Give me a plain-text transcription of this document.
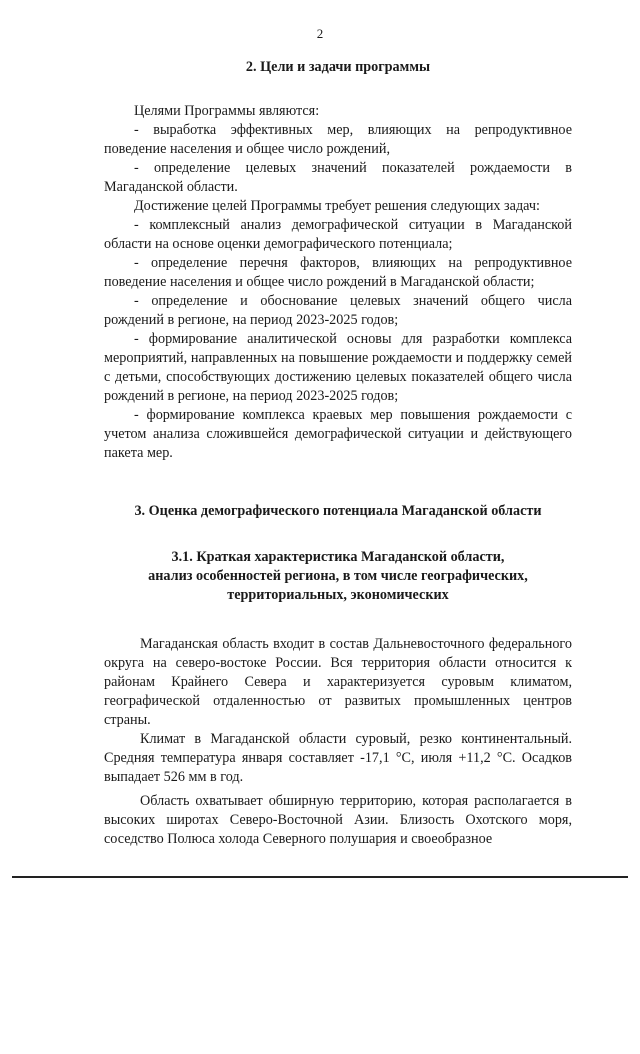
2
2. Цели и задачи программы

Целями Программы являются:

- выработка эффективных мер, влияющих на репродуктивное поведение населения и общее число рождений,

- определение целевых значений показателей рождаемости в Магаданской области.

Достижение целей Программы требует решения следующих задач:

- комплексный анализ демографической ситуации в Магаданской области на основе оценки демографического потенциала;

- определение перечня факторов, влияющих на репродуктивное поведение населения и общее число рождений в Магаданской области;

- определение и обоснование целевых значений общего числа рождений в регионе, на период 2023-2025 годов;

- формирование аналитической основы для разработки комплекса мероприятий, направленных на повышение рождаемости и поддержку семей с детьми, способствующих достижению целевых показателей общего числа рождений в регионе, на период 2023-2025 годов;

- формирование комплекса краевых мер повышения рождаемости с учетом анализа сложившейся демографической ситуации и действующего пакета мер.

3. Оценка демографического потенциала Магаданской области
3.1. Краткая характеристика Магаданской области,
анализ особенностей региона, в том числе географических,
территориальных, экономических

Магаданская область входит в состав Дальневосточного федерального округа на северо-востоке России. Вся территория области относится к районам Крайнего Севера и характеризуется суровым климатом, географической отдаленностью от развитых промышленных центров страны.

Климат в Магаданской области суровый, резко континентальный. Средняя температура января составляет -17,1 °С, июля +11,2 °С. Осадков выпадает 526 мм в год.

Область охватывает обширную территорию, которая располагается в высоких широтах Северо-Восточной Азии. Близость Охотского моря, соседство Полюса холода Северного полушария и своеобразное
